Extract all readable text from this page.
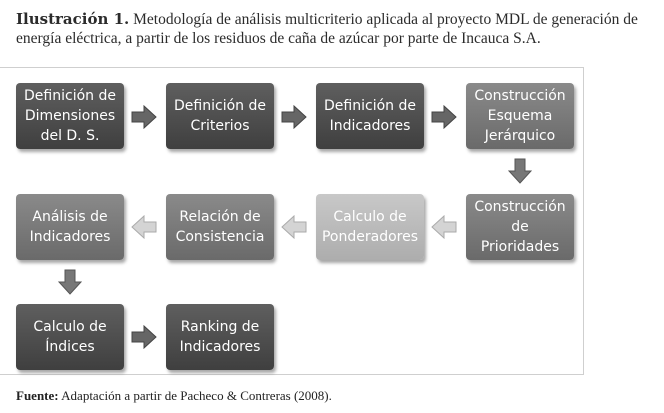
Ilustración 1. Metodología de análisis multicriterio aplicada al proyecto MDL de generación de energía eléctrica, a partir de los residuos de caña de azúcar por parte de Incauca S.A.
Definición de Dimensiones del D. S.
Definición de Criterios
Definición de Indicadores
Construcción Esquema Jerárquico
Construcción de Prioridades
Calculo de Ponderadores
Relación de Consistencia
Análisis de Indicadores
Calculo de Índices
Ranking de Indicadores
Fuente: Adaptación a partir de Pacheco & Contreras (2008).
